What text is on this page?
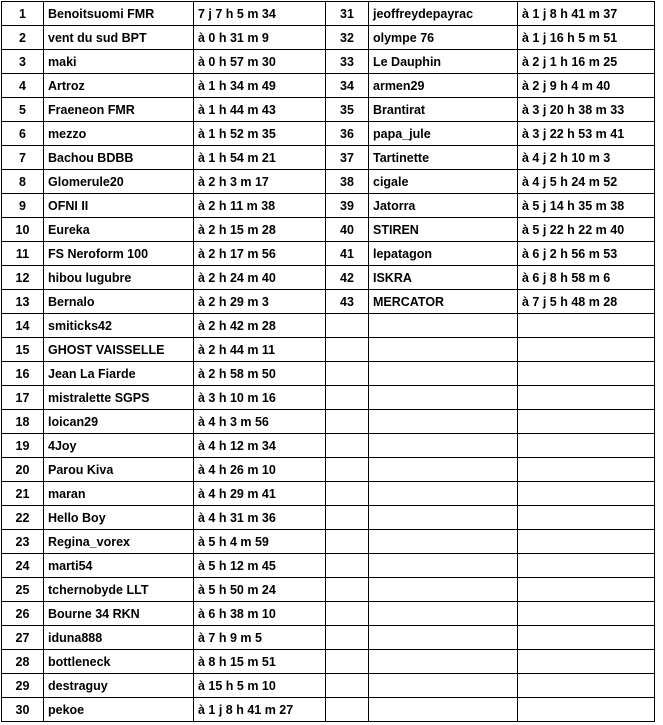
1	Benoitsuomi FMR	7 j 7 h 5 m 34	31	jeoffreydepayrac	à 1 j 8 h 41 m 37
2	vent du sud BPT	à 0 h 31 m 9	32	olympe 76	à 1 j 16 h 5 m 51
3	maki	à 0 h 57 m 30	33	Le Dauphin	à 2 j 1 h 16 m 25
4	Artroz	à 1 h 34 m 49	34	armen29	à 2 j 9 h 4 m 40
5	Fraeneon FMR	à 1 h 44 m 43	35	Brantirat	à 3 j 20 h 38 m 33
6	mezzo	à 1 h 52 m 35	36	papa_jule	à 3 j 22 h 53 m 41
7	Bachou BDBB	à 1 h 54 m 21	37	Tartinette	à 4 j 2 h 10 m 3
8	Glomerule20	à 2 h 3 m 17	38	cigale	à 4 j 5 h 24 m 52
9	OFNI II	à 2 h 11 m 38	39	Jatorra	à 5 j 14 h 35 m 38
10	Eureka	à 2 h 15 m 28	40	STIREN	à 5 j 22 h 22 m 40
11	FS Neroform 100	à 2 h 17 m 56	41	lepatagon	à 6 j 2 h 56 m 53
12	hibou lugubre	à 2 h 24 m 40	42	ISKRA	à 6 j 8 h 58 m 6
13	Bernalo	à 2 h 29 m 3	43	MERCATOR	à 7 j 5 h 48 m 28
14	smiticks42	à 2 h 42 m 28			
15	GHOST VAISSELLE	à 2 h 44 m 11			
16	Jean La Fiarde	à 2 h 58 m 50			
17	mistralette SGPS	à 3 h 10 m 16			
18	loican29	à 4 h 3 m 56			
19	4Joy	à 4 h 12 m 34			
20	Parou Kiva	à 4 h 26 m 10			
21	maran	à 4 h 29 m 41			
22	Hello Boy	à 4 h 31 m 36			
23	Regina_vorex	à 5 h 4 m 59			
24	marti54	à 5 h 12 m 45			
25	tchernobyde LLT	à 5 h 50 m 24			
26	Bourne 34 RKN	à 6 h 38 m 10			
27	iduna888	à 7 h 9 m 5			
28	bottleneck	à 8 h 15 m 51			
29	destraguy	à 15 h 5 m 10			
30	pekoe	à 1 j 8 h 41 m 27			
